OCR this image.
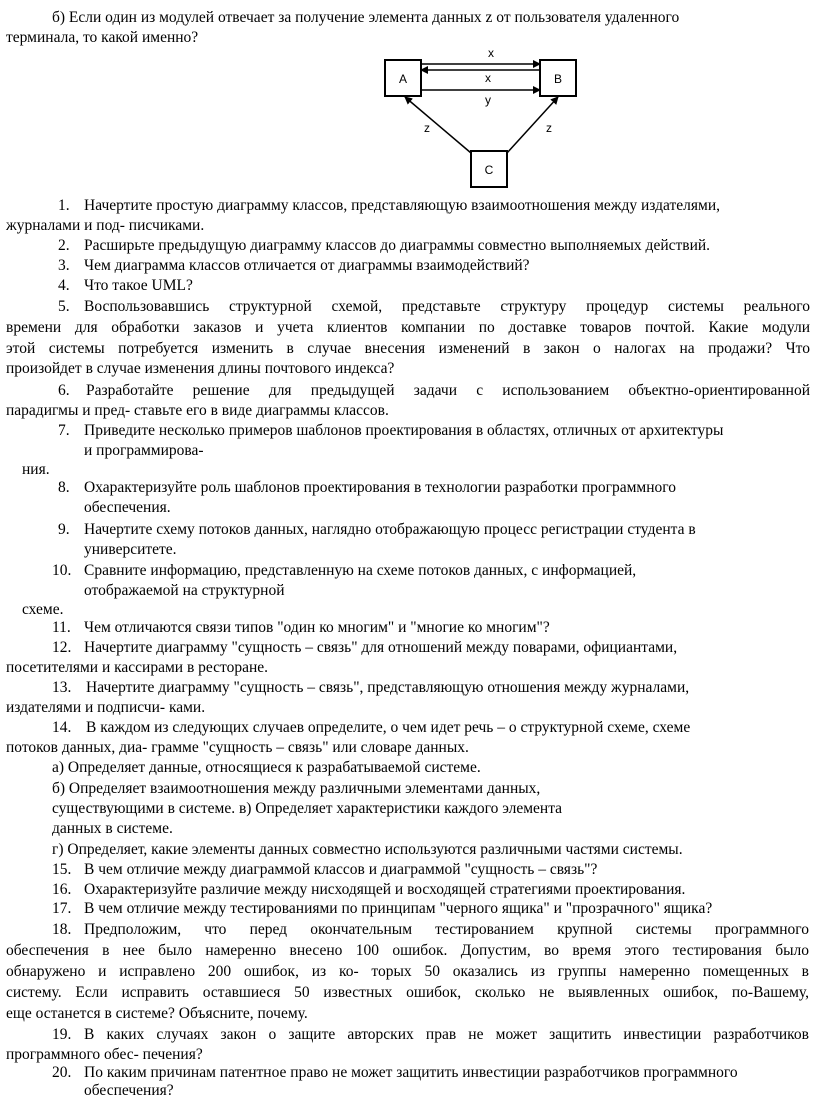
б) Если один из модулей отвечает за получение элемента данных z от пользователя удаленного
терминала, то какой именно?
A	B
C
x
x
y
z	z
1. Начертите простую диаграмму классов, представляющую взаимоотношения между издателями,
журналами и под- писчиками.
2. Расширьте предыдущую диаграмму классов до диаграммы совместно выполняемых действий.
3. Чем диаграмма классов отличается от диаграммы взаимодействий?
4. Что такое UML?
5. Воспользовавшись структурной схемой, представьте структуру процедур системы реального
времени для обработки заказов и учета клиентов компании по доставке товаров почтой. Какие модули
этой системы потребуется изменить в случае внесения изменений в закон о налогах на продажи? Что
произойдет в случае изменения длины почтового индекса?
6. Разработайте решение для предыдущей задачи с использованием объектно-ориентированной
парадигмы и пред- ставьте его в виде диаграммы классов.
7. Приведите несколько примеров шаблонов проектирования в областях, отличных от архитектуры
и программирова-
ния.
8. Охарактеризуйте роль шаблонов проектирования в технологии разработки программного
обеспечения.
9. Начертите схему потоков данных, наглядно отображающую процесс регистрации студента в
университете.
10. Сравните информацию, представленную на схеме потоков данных, с информацией,
отображаемой на структурной
схеме.
11. Чем отличаются связи типов "один ко многим" и "многие ко многим"?
12. Начертите диаграмму "сущность – связь" для отношений между поварами, официантами,
посетителями и кассирами в ресторане.
13. Начертите диаграмму "сущность – связь", представляющую отношения между журналами,
издателями и подписчи- ками.
14. В каждом из следующих случаев определите, о чем идет речь – о структурной схеме, схеме
потоков данных, диа- грамме "сущность – связь" или словаре данных.
а) Определяет данные, относящиеся к разрабатываемой системе.
б) Определяет взаимоотношения между различными элементами данных,
существующими в системе. в) Определяет характеристики каждого элемента
данных в системе.
г) Определяет, какие элементы данных совместно используются различными частями системы.
15. В чем отличие между диаграммой классов и диаграммой "сущность – связь"?
16. Охарактеризуйте различие между нисходящей и восходящей стратегиями проектирования.
17. В чем отличие между тестированиями по принципам "черного ящика" и "прозрачного" ящика?
18. Предположим, что перед окончательным тестированием крупной системы программного
обеспечения в нее было намеренно внесено 100 ошибок. Допустим, во время этого тестирования было
обнаружено и исправлено 200 ошибок, из ко- торых 50 оказались из группы намеренно помещенных в
систему. Если исправить оставшиеся 50 известных ошибок, сколько не выявленных ошибок, по-Вашему,
еще останется в системе? Объясните, почему.
19. В каких случаях закон о защите авторских прав не может защитить инвестиции разработчиков
программного обес- печения?
20. По каким причинам патентное право не может защитить инвестиции разработчиков программного
обеспечения?
